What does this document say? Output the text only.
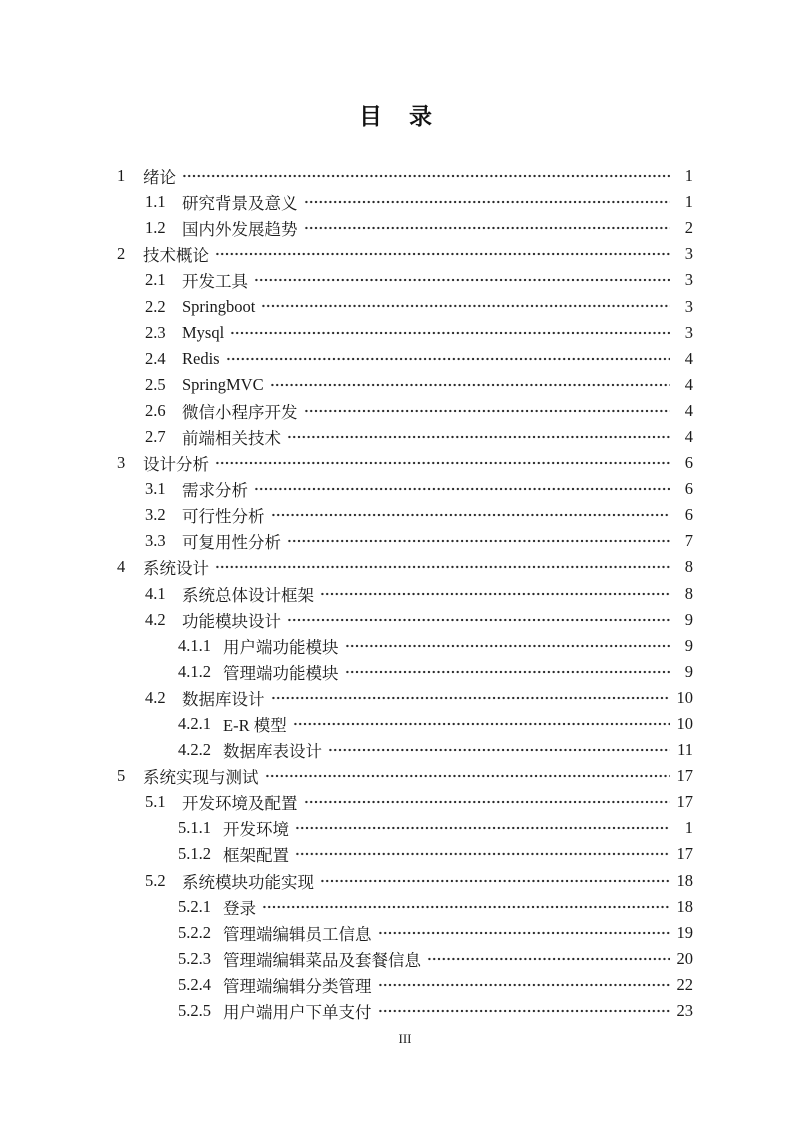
目　录
1	绪论	1
1.1 研究背景及意义	1
1.2 国内外发展趋势	2
2	技术概论	3
2.1 开发工具	3
2.2 Springboot	3
2.3 Mysql	3
2.4 Redis	4
2.5 SpringMVC	4
2.6 微信小程序开发	4
2.7 前端相关技术	4
3	设计分析	6
3.1 需求分析	6
3.2 可行性分析	6
3.3 可复用性分析	7
4	系统设计	8
4.1 系统总体设计框架	8
4.2 功能模块设计	9
4.1.1 用户端功能模块	9
4.1.2 管理端功能模块	9
4.2 数据库设计	10
4.2.1 E-R 模型	10
4.2.2 数据库表设计	11
5	系统实现与测试	17
5.1 开发环境及配置	17
5.1.1 开发环境	1
5.1.2 框架配置	17
5.2 系统模块功能实现	18
5.2.1 登录	18
5.2.2 管理端编辑员工信息	19
5.2.3 管理端编辑菜品及套餐信息	20
5.2.4 管理端编辑分类管理	22
5.2.5 用户端用户下单支付	23
III
